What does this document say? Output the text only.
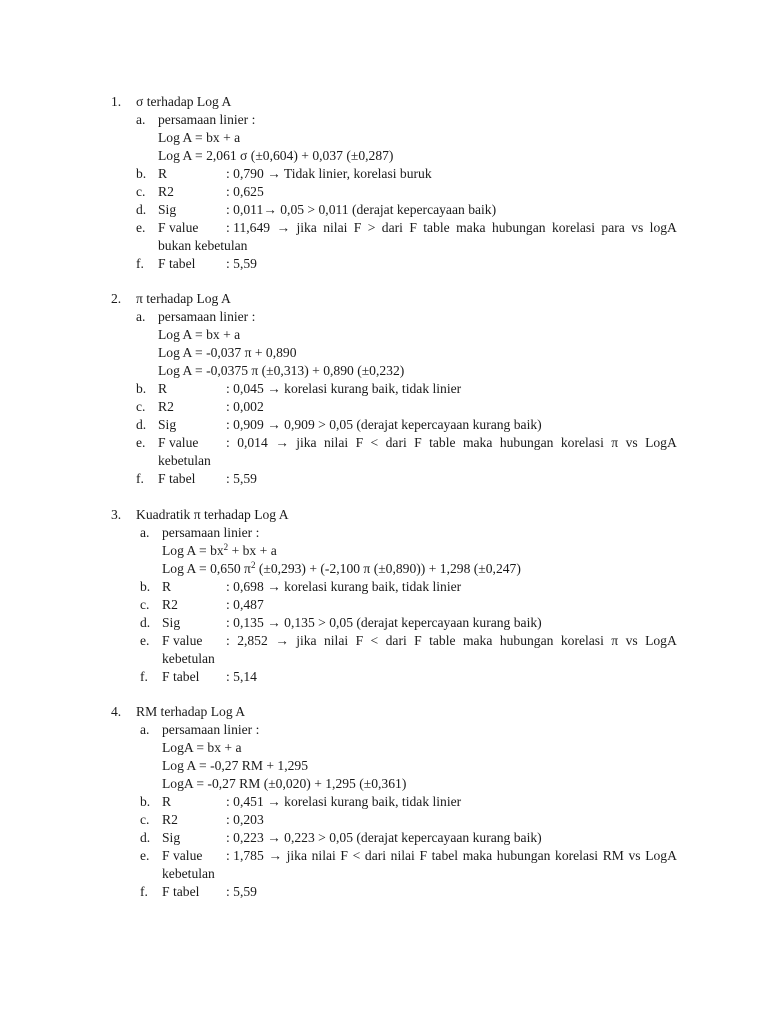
1. σ terhadap Log A
a. persamaan linier :
Log A = bx + a
Log A = 2,061 σ (±0,604) + 0,037 (±0,287)
b. R	: 0,790 → Tidak linier, korelasi buruk
c. R2	: 0,625
d. Sig	: 0,011→ 0,05 > 0,011 (derajat kepercayaan baik)
e. F value : 11,649 → jika nilai F > dari F table maka hubungan korelasi para vs logA
bukan kebetulan
f. F tabel : 5,59
2. π terhadap Log A
a. persamaan linier :
Log A = bx + a
Log A = -0,037 π + 0,890
Log A = -0,0375 π (±0,313) + 0,890 (±0,232)
b. R	: 0,045 → korelasi kurang baik, tidak linier
c. R2	: 0,002
d. Sig	: 0,909 → 0,909 > 0,05 (derajat kepercayaan kurang baik)
e. F value : 0,014 → jika nilai F < dari F table maka hubungan korelasi π vs LogA
kebetulan
f. F tabel : 5,59
3. Kuadratik π terhadap Log A
a. persamaan linier :
Log $A = bx^2$ + bx + a
Log A = 0,650 $\pi^2$ (±0,293) + (-2,100 π (±0,890)) + 1,298 (±0,247)
b. R	: 0,698 → korelasi kurang baik, tidak linier
c. R2	: 0,487
d. Sig	: 0,135 → 0,135 > 0,05 (derajat kepercayaan kurang baik)
e. F value : 2,852 → jika nilai F < dari F table maka hubungan korelasi π vs LogA
kebetulan
f. F tabel : 5,14
4. RM terhadap Log A
a. persamaan linier :
LogA = bx + a
Log A = -0,27 RM + 1,295
LogA = -0,27 RM (±0,020) + 1,295 (±0,361)
b. R	: 0,451 → korelasi kurang baik, tidak linier
c. R2	: 0,203
d. Sig	: 0,223 → 0,223 > 0,05 (derajat kepercayaan kurang baik)
e. F value : 1,785 → jika nilai F < dari nilai F tabel maka hubungan korelasi RM vs LogA
kebetulan
f. F tabel : 5,59
